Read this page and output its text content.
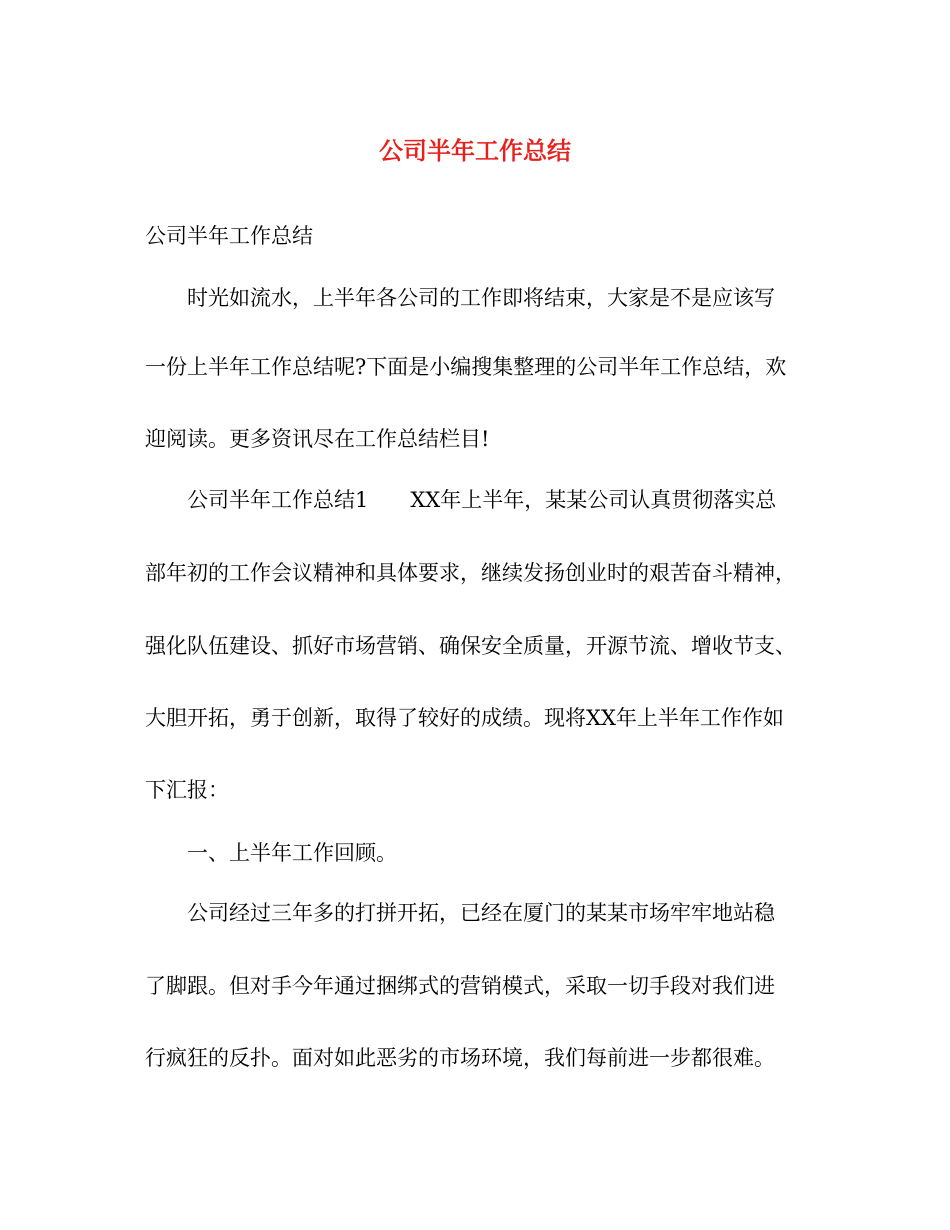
公司半年工作总结

公司半年工作总结

　　时光如流水，上半年各公司的工作即将结束，大家是不是应该写

一份上半年工作总结呢?下面是小编搜集整理的公司半年工作总结，欢

迎阅读。更多资讯尽在工作总结栏目!

　　公司半年工作总结1　　XX年上半年，某某公司认真贯彻落实总

部年初的工作会议精神和具体要求，继续发扬创业时的艰苦奋斗精神，

强化队伍建设、抓好市场营销、确保安全质量，开源节流、增收节支、

大胆开拓，勇于创新，取得了较好的成绩。现将XX年上半年工作作如

下汇报：

　　一、上半年工作回顾。

　　公司经过三年多的打拼开拓，已经在厦门的某某市场牢牢地站稳

了脚跟。但对手今年通过捆绑式的营销模式，采取一切手段对我们进

行疯狂的反扑。面对如此恶劣的市场环境，我们每前进一步都很难。
